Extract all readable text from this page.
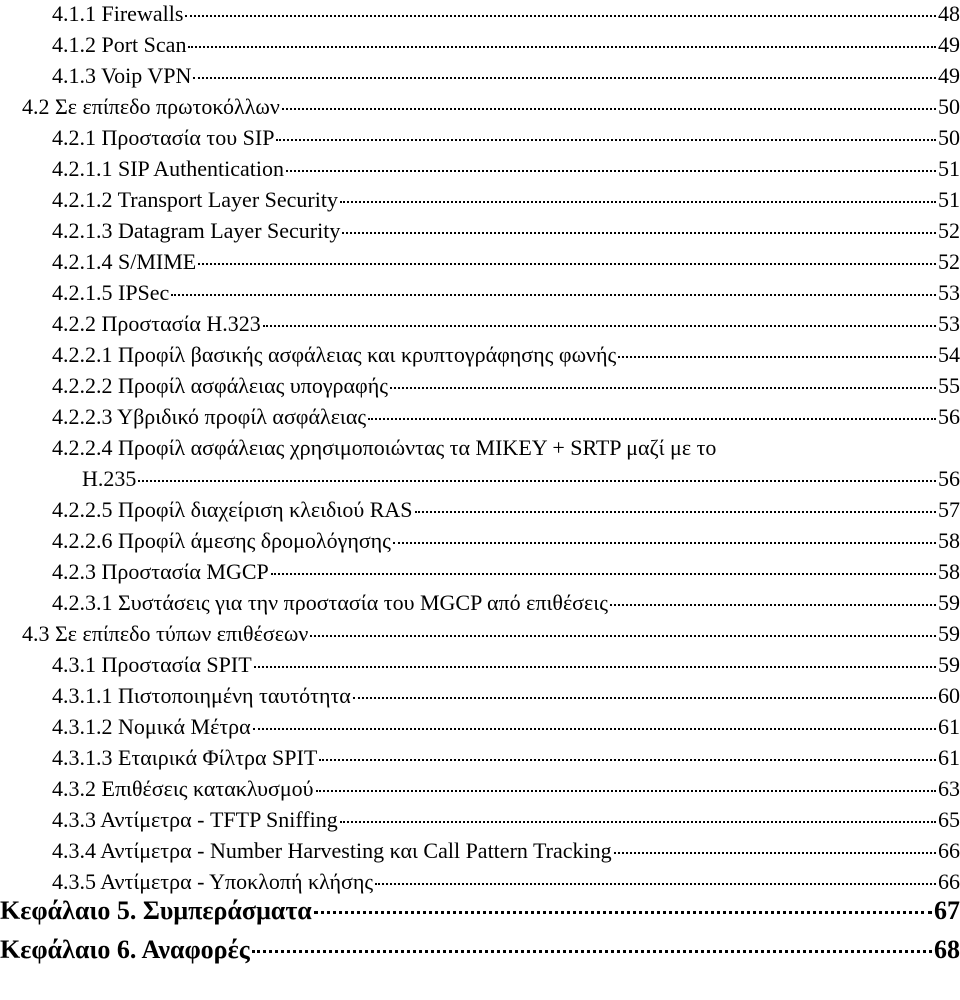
4.1.1 Firewalls	48
4.1.2 Port Scan	49
4.1.3 Voip VPN	49
4.2 Σε επίπεδο πρωτοκόλλων	50
4.2.1 Προστασία του SIP	50
4.2.1.1 SIP Authentication	51
4.2.1.2 Transport Layer Security	51
4.2.1.3 Datagram Layer Security	52
4.2.1.4 S/MIME	52
4.2.1.5 IPSec	53
4.2.2 Προστασία H.323	53
4.2.2.1 Προφίλ βασικής ασφάλειας και κρυπτογράφησης φωνής	54
4.2.2.2 Προφίλ ασφάλειας υπογραφής	55
4.2.2.3 Υβριδικό προφίλ ασφάλειας	56
4.2.2.4 Προφίλ ασφάλειας χρησιμοποιώντας τα MIKEY + SRTP μαζί με το
H.235	56
4.2.2.5 Προφίλ διαχείριση κλειδιού RAS	57
4.2.2.6 Προφίλ άμεσης δρομολόγησης	58
4.2.3 Προστασία MGCP	58
4.2.3.1 Συστάσεις για την προστασία του MGCP από επιθέσεις	59
4.3 Σε επίπεδο τύπων επιθέσεων	59
4.3.1 Προστασία SPIT	59
4.3.1.1 Πιστοποιημένη ταυτότητα	60
4.3.1.2 Νομικά Μέτρα	61
4.3.1.3 Εταιρικά Φίλτρα SPIT	61
4.3.2 Επιθέσεις κατακλυσμού	63
4.3.3 Αντίμετρα - TFTP Sniffing	65
4.3.4 Αντίμετρα - Number Harvesting και Call Pattern Tracking	66
4.3.5 Αντίμετρα - Υποκλοπή κλήσης	66
Κεφάλαιο 5. Συμπεράσματα	67
Κεφάλαιο 6. Αναφορές	68
